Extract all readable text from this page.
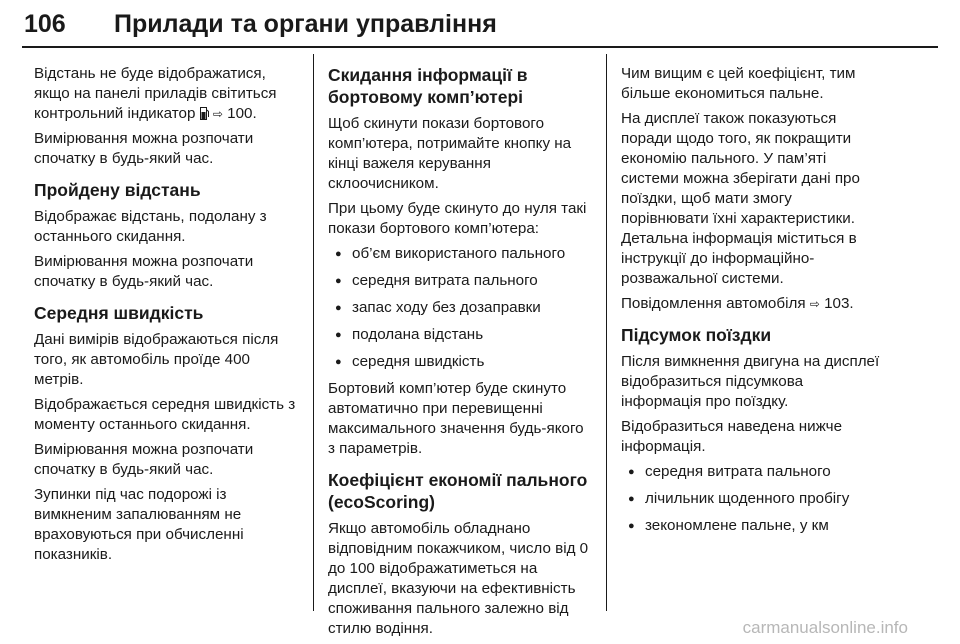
106 Прилади та органи управління

Відстань не буде відображатися, якщо на панелі приладів світиться контрольний індикатор ⇨ 100.

Вимірювання можна розпочати спочатку в будь-який час.

Пройдену відстань

Відображає відстань, подолану з останнього скидання.

Вимірювання можна розпочати спочатку в будь-який час.

Середня швидкість

Дані вимірів відображаються після того, як автомобіль проїде 400 метрів.

Відображається середня швидкість з моменту останнього скидання.

Вимірювання можна розпочати спочатку в будь-який час.

Зупинки під час подорожі із вимкненим запалюванням не враховуються при обчисленні показників.

Скидання інформації в бортовому комп’ютері

Щоб скинути покази бортового комп’ютера, потримайте кнопку на кінці важеля керування склоочисником.

При цьому буде скинуто до нуля такі покази бортового комп’ютера:

● об’єм використаного пального
● середня витрата пального
● запас ходу без дозаправки
● подолана відстань
● середня швидкість

Бортовий комп’ютер буде скинуто автоматично при перевищенні максимального значення будь-якого з параметрів.

Коефіцієнт економії пального (ecoScoring)

Якщо автомобіль обладнано відповідним покажчиком, число від 0 до 100 відображатиметься на дисплеї, вказуючи на ефективність споживання пального залежно від стилю водіння.

Чим вищим є цей коефіцієнт, тим більше економиться пальне.

На дисплеї також показуються поради щодо того, як покращити економію пального. У пам’яті системи можна зберігати дані про поїздки, щоб мати змогу порівнювати їхні характеристики. Детальна інформація міститься в інструкції до інформаційно-розважальної системи.

Повідомлення автомобіля ⇨ 103.

Підсумок поїздки

Після вимкнення двигуна на дисплеї відобразиться підсумкова інформація про поїздку.

Відобразиться наведена нижче інформація.

● середня витрата пального
● лічильник щоденного пробігу
● зекономлене пальне, у км
carmanualsonline.info
